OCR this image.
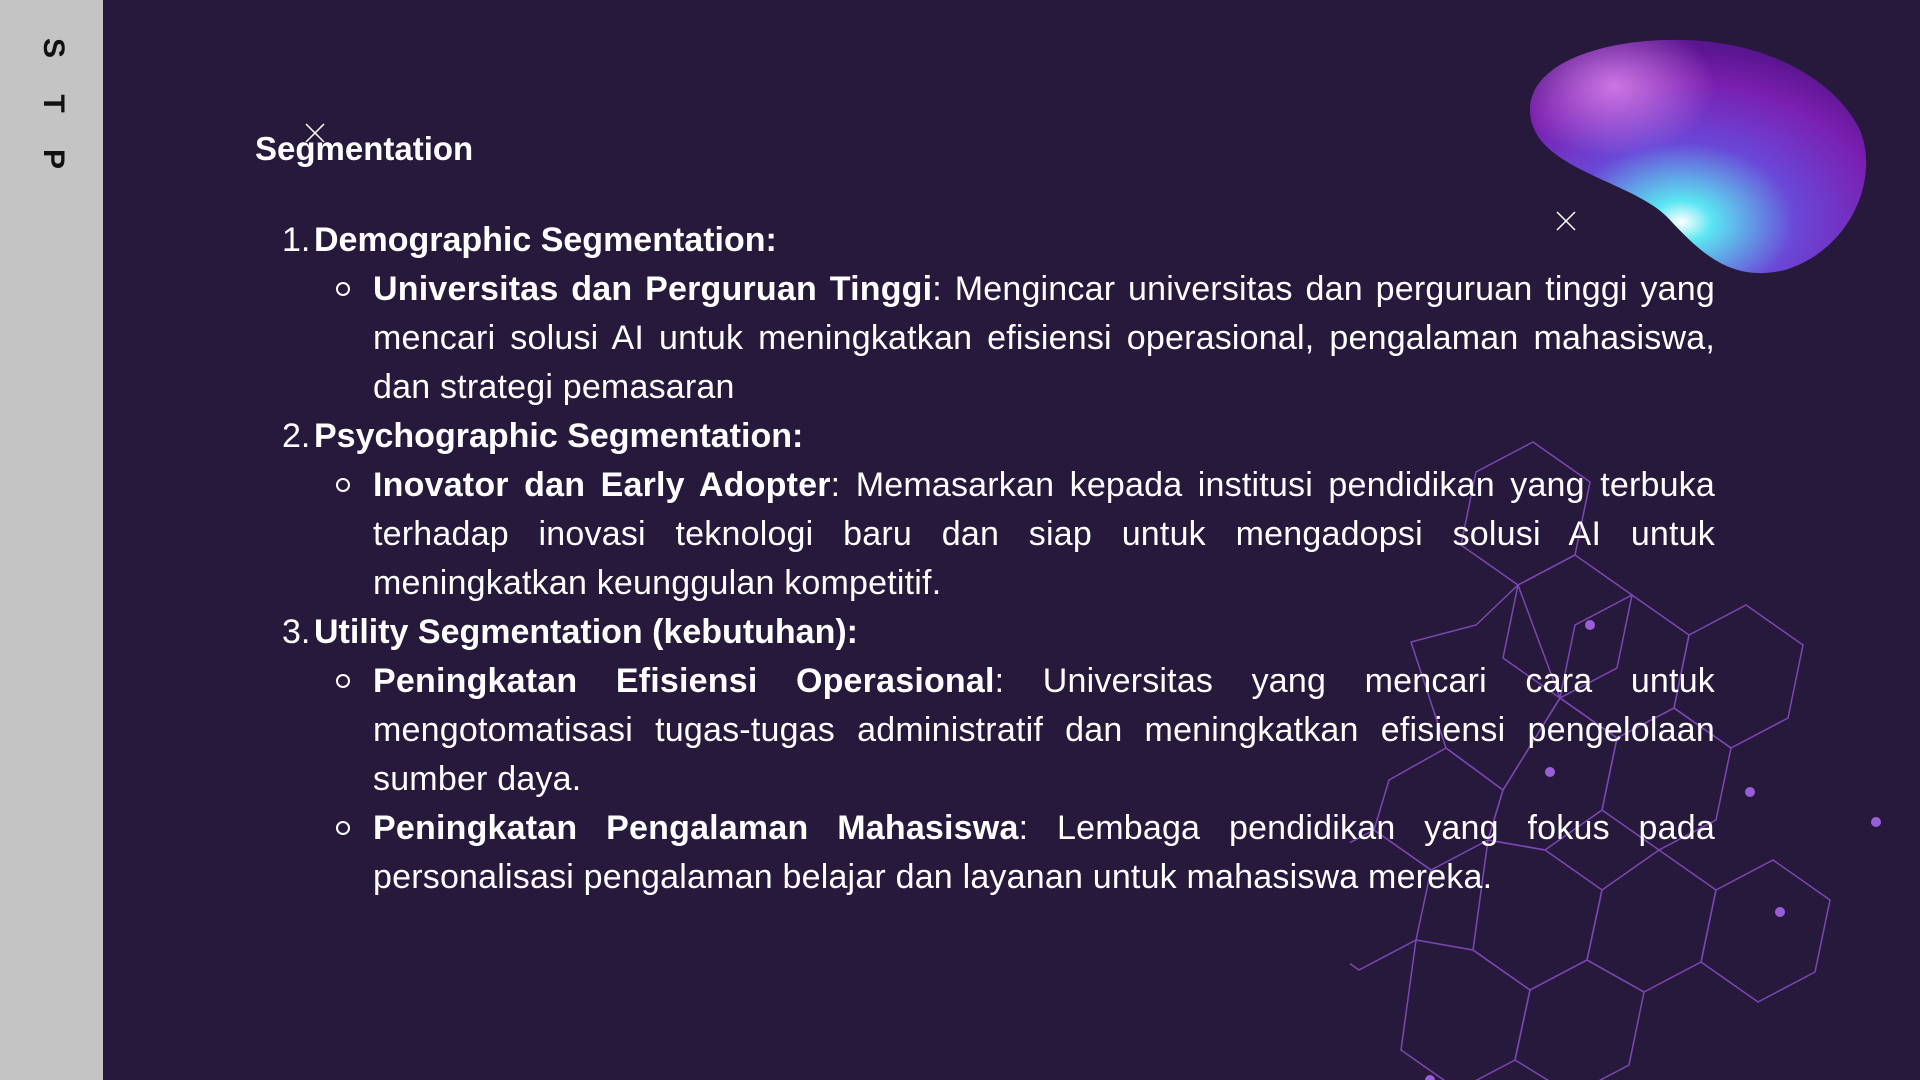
S T P	Segmentation
1. Demographic Segmentation:
Universitas dan Perguruan Tinggi: Mengincar universitas dan perguruan tinggi yang mencari solusi AI untuk meningkatkan efisiensi operasional, pengalaman mahasiswa, dan strategi pemasaran
2. Psychographic Segmentation:
Inovator dan Early Adopter: Memasarkan kepada institusi pendidikan yang terbuka terhadap inovasi teknologi baru dan siap untuk mengadopsi solusi AI untuk meningkatkan keunggulan kompetitif.
3. Utility Segmentation (kebutuhan):
Peningkatan Efisiensi Operasional: Universitas yang mencari cara untuk mengotomatisasi tugas-tugas administratif dan meningkatkan efisiensi pengelolaan sumber daya.
Peningkatan Pengalaman Mahasiswa: Lembaga pendidikan yang fokus pada personalisasi pengalaman belajar dan layanan untuk mahasiswa mereka.
